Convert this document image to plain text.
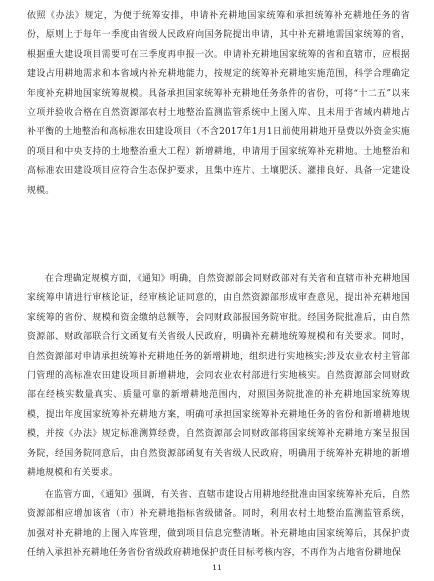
依照《办法》规定，为便于统筹安排，申请补充耕地国家统筹和承担统筹补充耕地任务的省份，原则上于每年一季度由省级人民政府向国务院提出申请，其中补充耕地需国家统筹的省，根据重大建设项目需要可在三季度再申报一次。申请补充耕地国家统筹的省和直辖市，应根据建设占用耕地需求和本省域内补充耕地能力，按规定的统筹补充耕地实施范围，科学合理确定年度补充耕地国家统筹规模。具备承担国家统筹补充耕地任务条件的省份，可将“十二五”以来立项并验收合格在自然资源部农村土地整治监测监管系统中上图入库、且未用于省域内耕地占补平衡的土地整治和高标准农田建设项目（不含2017年1月1日前使用耕地开垦费以外资金实施的项目和中央支持的土地整治重大工程）新增耕地，申请用于国家统筹补充耕地。土地整治和高标准农田建设项目应符合生态保护要求，且集中连片、土壤肥沃、灌排良好、具备一定建设规模。

在合理确定规模方面，《通知》明确，自然资源部会同财政部对有关省和直辖市补充耕地国家统筹申请进行审核论证，经审核论证同意的，由自然资源部形成审查意见，提出补充耕地国家统筹的省份、规模和资金缴纳总额等，会同财政部报国务院审批。经国务院批准后，由自然资源部、财政部联合行文函复有关省级人民政府，明确补充耕地统筹规模和有关要求。同时，自然资源部对申请承担统筹补充耕地任务的新增耕地，组织进行实地核实;涉及农业农村主管部门管理的高标准农田建设项目新增耕地，会同农业农村部进行实地核实。自然资源部会同财政部在经核实数量真实、质量可靠的新增耕地范围内，对照国务院批准的补充耕地国家统筹规模，提出年度国家统筹补充耕地方案，明确可承担国家统筹补充耕地任务的省份和新增耕地规模，并按《办法》规定标准测算经费，自然资源部会同财政部将国家统筹补充耕地方案呈报国务院，经国务院同意后，由自然资源部函复有关省级人民政府，明确用于统筹补充耕地的新增耕地规模和有关要求。

在监管方面，《通知》强调，有关省、直辖市建设占用耕地经批准由国家统筹补充后，自然资源部相应增加该省（市）补充耕地指标省级储备。同时，利用农村土地整治监测监管系统，加强对补充耕地的上图入库管理，做到项目信息完整清晰。补充耕地由国家统筹后，其保护责任纳入承担补充耕地任务省份省级政府耕地保护责任目标考核内容，不再作为占地省份耕地保

11
